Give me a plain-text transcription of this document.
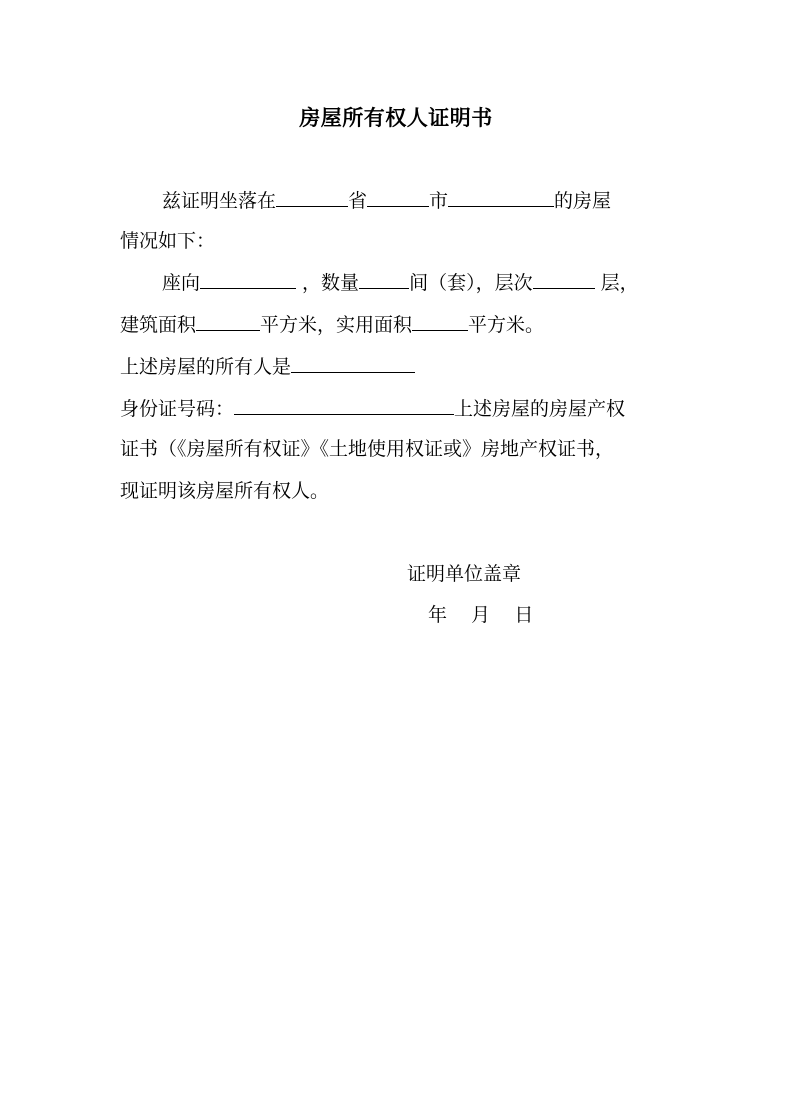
房屋所有权人证明书
兹证明坐落在	省	市	的房屋
情况如下：
座向	，数量	间（套），层次	层，
建筑面积	平方米，实用面积	平方米。
上述房屋的所有人是
身份证号码：	上述房屋的房屋产权
证书（《房屋所有权证》《土地使用权证或》房地产权证书，
现证明该房屋所有权人。
证明单位盖章
年    月    日
